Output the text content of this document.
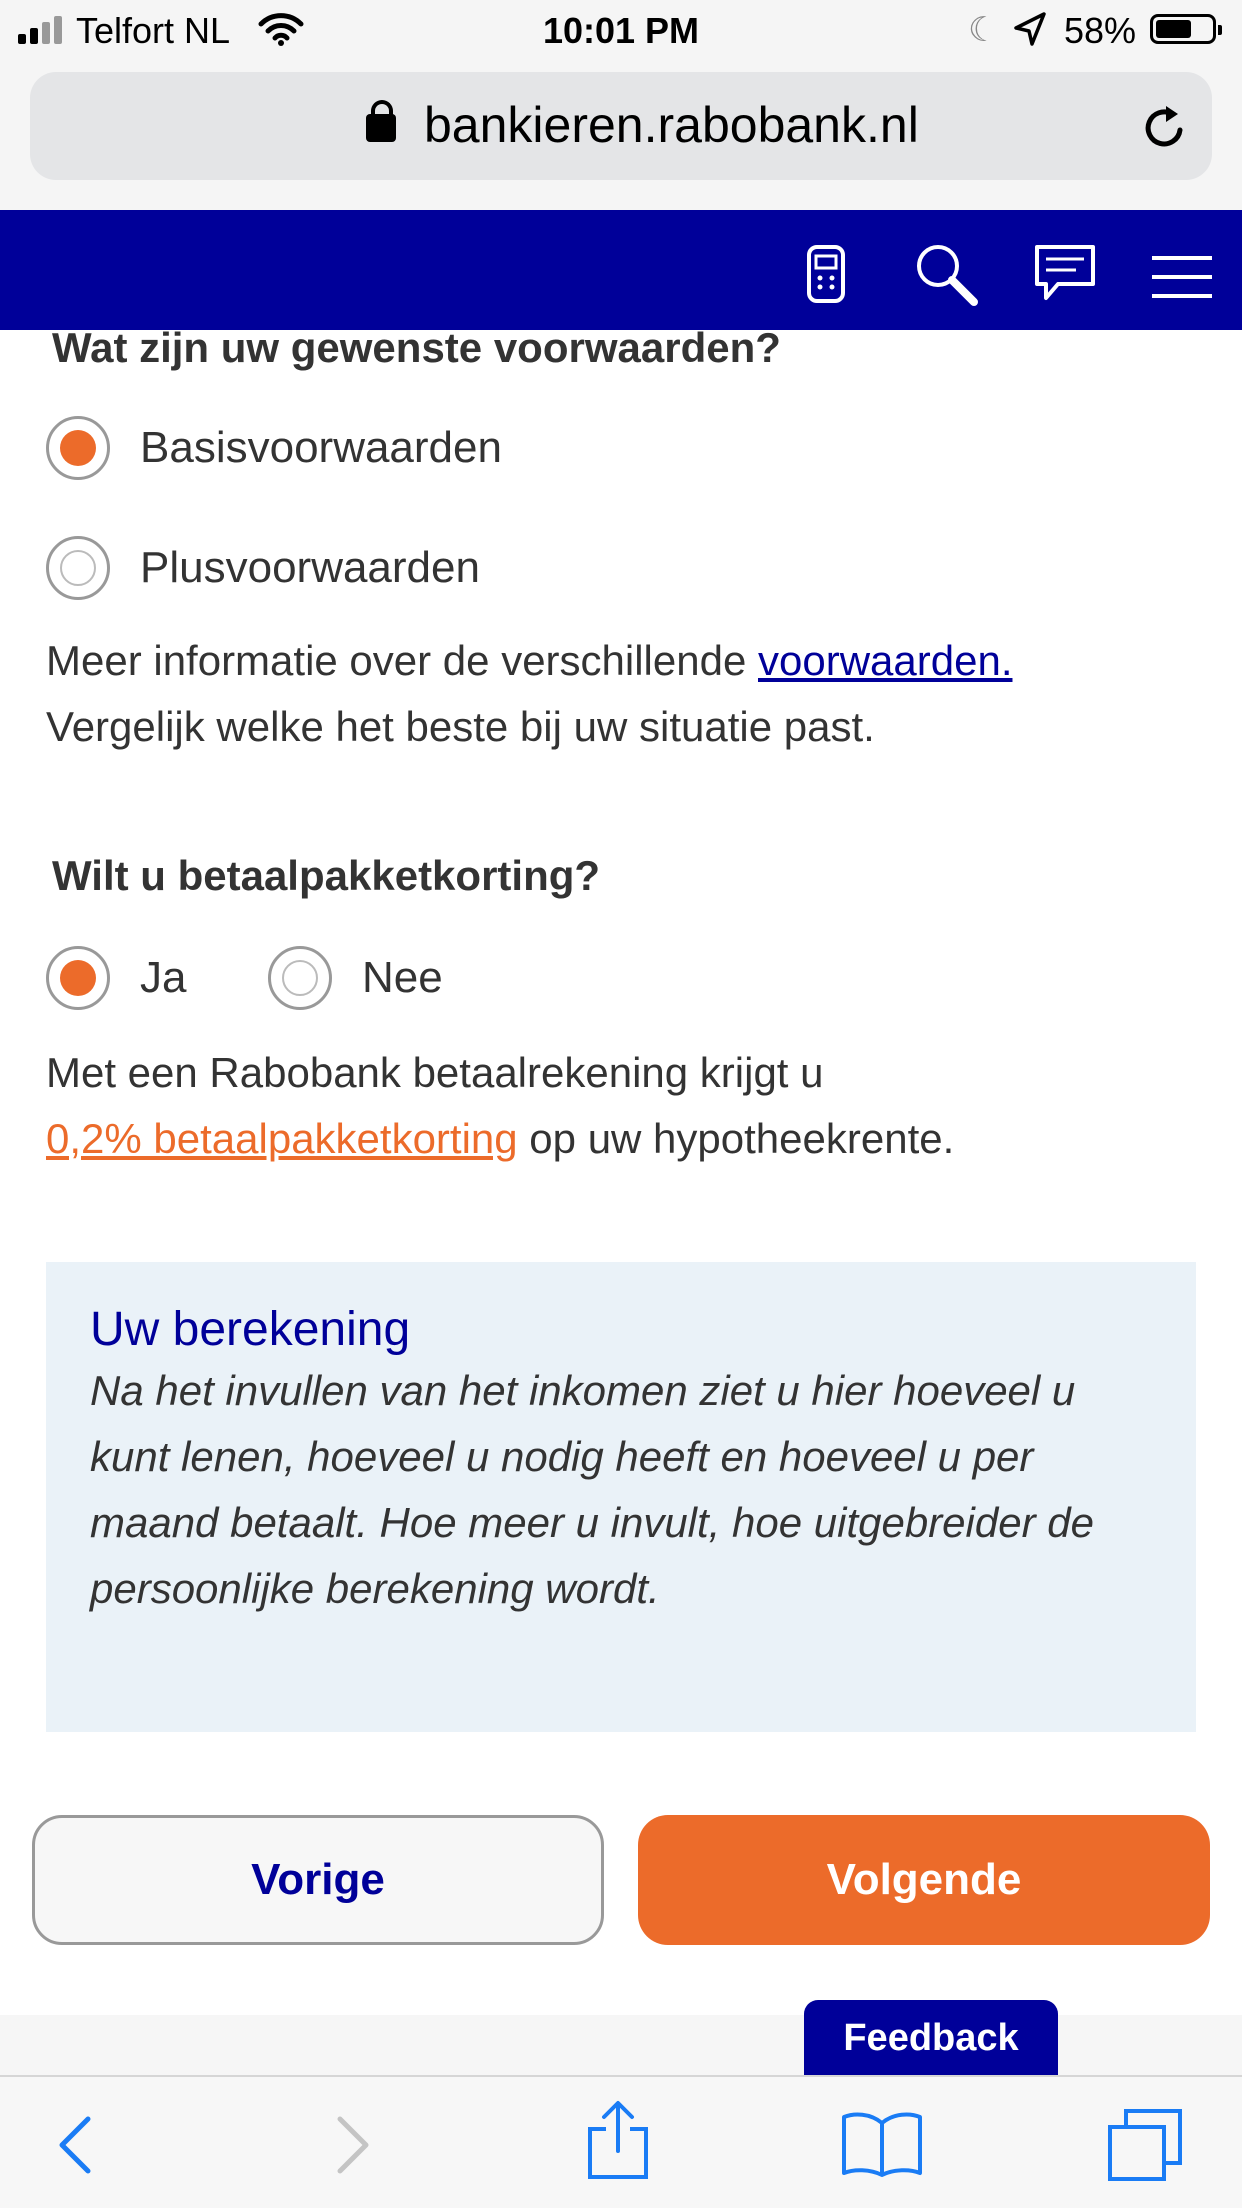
Telfort NL	10:01 PM	☾ 58%
bankieren.rabobank.nl
Wat zijn uw gewenste voorwaarden?
Basisvoorwaarden
Plusvoorwaarden
Meer informatie over de verschillende voorwaarden.
Vergelijk welke het beste bij uw situatie past.
Wilt u betaalpakketkorting?
Ja	Nee
Met een Rabobank betaalrekening krijgt u
0,2% betaalpakketkorting op uw hypotheekrente.
Uw berekening
Na het invullen van het inkomen ziet u hier hoeveel u kunt lenen, hoeveel u nodig heeft en hoeveel u per maand betaalt. Hoe meer u invult, hoe uitgebreider de persoonlijke berekening wordt.
Vorige	Volgende
Feedback
